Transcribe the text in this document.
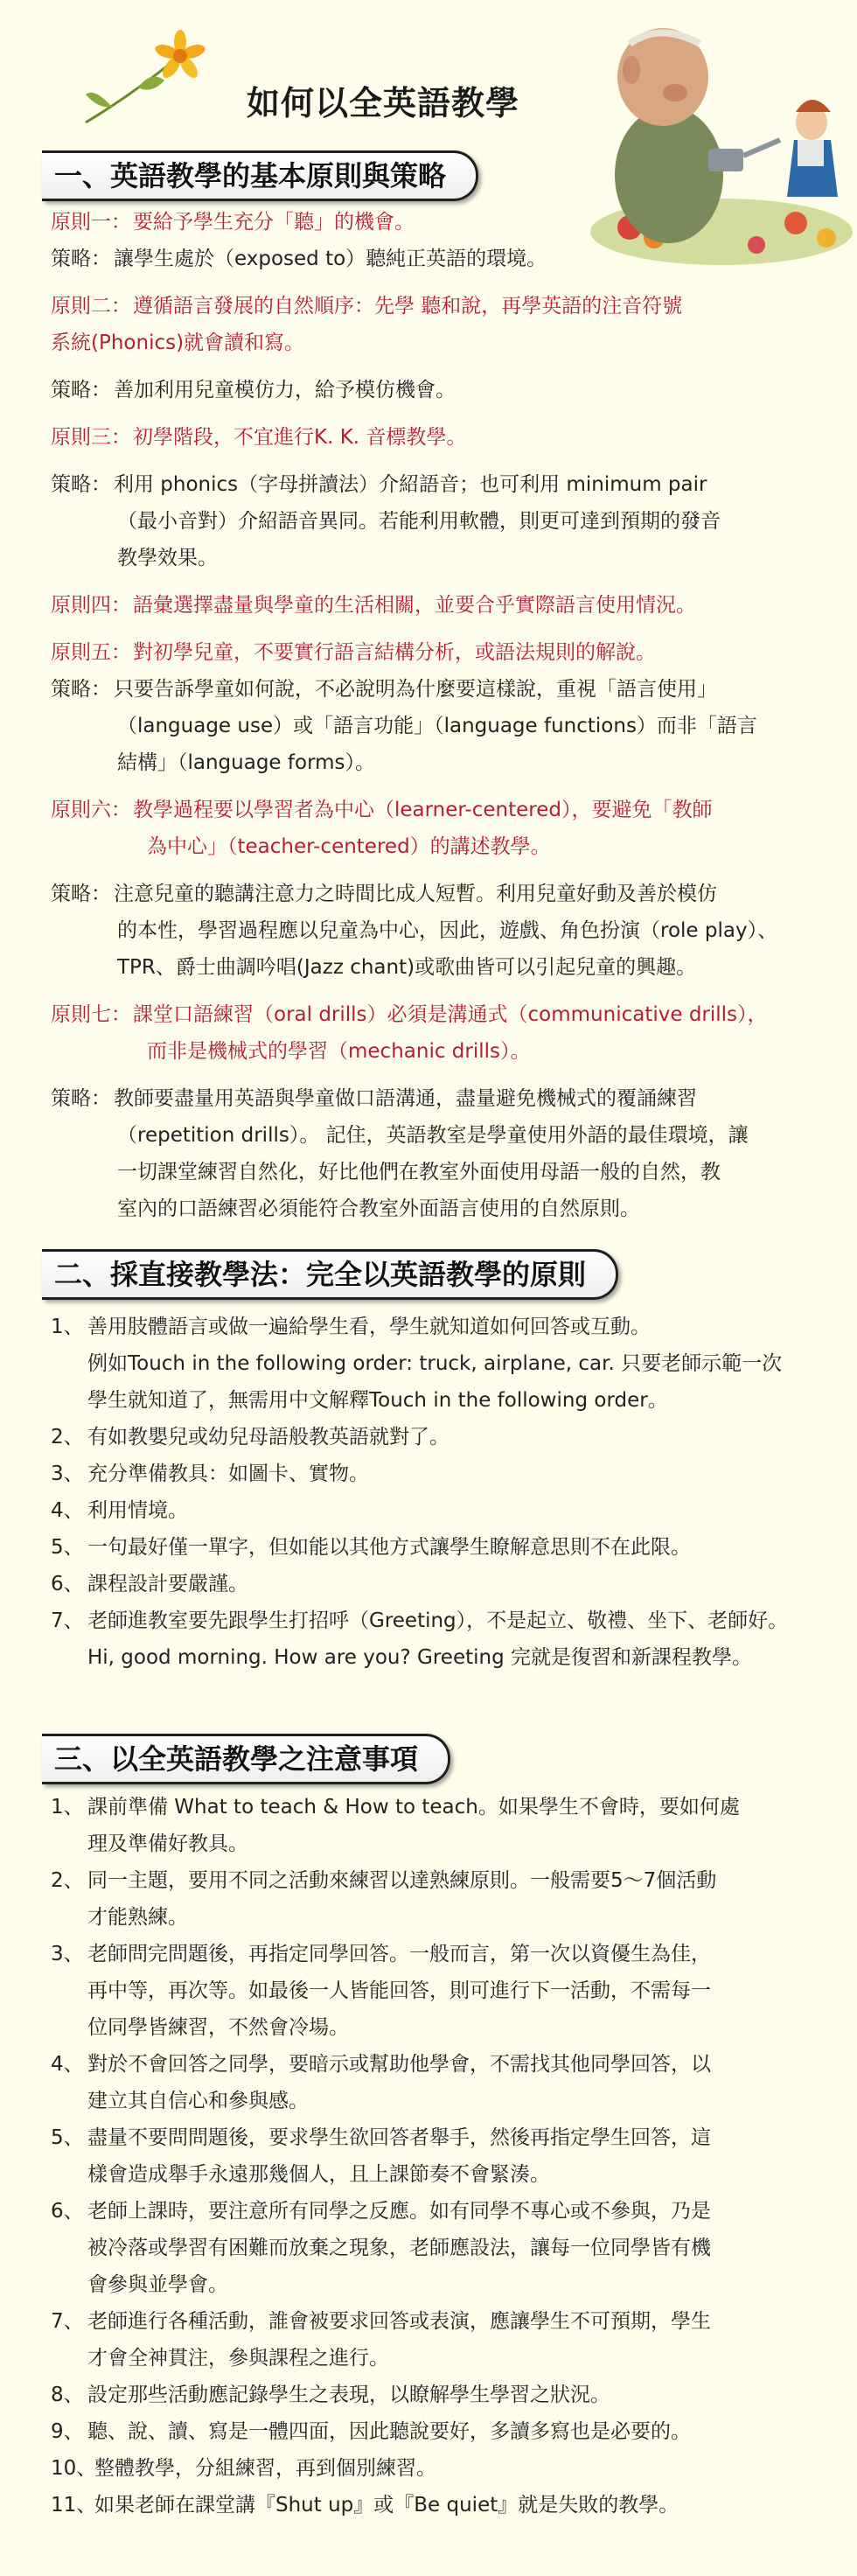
如何以全英語教學
一、英語教學的基本原則與策略
原則一： 要給予學生充分「聽」的機會。

策略： 讓學生處於（exposed to）聽純正英語的環境。

原則二： 遵循語言發展的自然順序：先學 聽和說，再學英語的注音符號

系統(Phonics)就會讀和寫。

策略： 善加利用兒童模仿力，給予模仿機會。

原則三： 初學階段，不宜進行K. K. 音標教學。

策略： 利用 phonics（字母拼讀法）介紹語音；也可利用 minimum pair

（最小音對）介紹語音異同。若能利用軟體，則更可達到預期的發音

教學效果。

原則四： 語彙選擇盡量與學童的生活相關，並要合乎實際語言使用情況。

原則五： 對初學兒童，不要實行語言結構分析，或語法規則的解說。

策略： 只要告訴學童如何說，不必說明為什麼要這樣說，重視「語言使用」

（language use）或「語言功能」（language functions）而非「語言

結構」（language forms）。

原則六： 教學過程要以學習者為中心（learner-centered），要避免「教師

為中心」（teacher-centered）的講述教學。

策略： 注意兒童的聽講注意力之時間比成人短暫。利用兒童好動及善於模仿

的本性，學習過程應以兒童為中心，因此，遊戲、角色扮演（role play）、

TPR、爵士曲調吟唱(Jazz chant)或歌曲皆可以引起兒童的興趣。

原則七： 課堂口語練習（oral drills）必須是溝通式（communicative drills），

而非是機械式的學習（mechanic drills）。

策略： 教師要盡量用英語與學童做口語溝通，盡量避免機械式的覆誦練習

（repetition drills）。 記住，英語教室是學童使用外語的最佳環境，讓

一切課堂練習自然化，好比他們在教室外面使用母語一般的自然，教

室內的口語練習必須能符合教室外面語言使用的自然原則。

二、採直接教學法：完全以英語教學的原則
1、 善用肢體語言或做一遍給學生看，學生就知道如何回答或互動。

例如Touch in the following order: truck, airplane, car. 只要老師示範一次

學生就知道了，無需用中文解釋Touch in the following order。

2、 有如教嬰兒或幼兒母語般教英語就對了。

3、 充分準備教具：如圖卡、實物。

4、 利用情境。

5、 一句最好僅一單字，但如能以其他方式讓學生瞭解意思則不在此限。

6、 課程設計要嚴謹。

7、 老師進教室要先跟學生打招呼（Greeting），不是起立、敬禮、坐下、老師好。

Hi, good morning. How are you? Greeting 完就是復習和新課程教學。

三、以全英語教學之注意事項
1、 課前準備 What to teach & How to teach。如果學生不會時，要如何處

理及準備好教具。

2、 同一主題，要用不同之活動來練習以達熟練原則。一般需要5～7個活動

才能熟練。

3、 老師問完問題後，再指定同學回答。一般而言，第一次以資優生為佳，

再中等，再次等。如最後一人皆能回答，則可進行下一活動，不需每一

位同學皆練習，不然會冷場。

4、 對於不會回答之同學，要暗示或幫助他學會，不需找其他同學回答，以

建立其自信心和參與感。

5、 盡量不要問問題後，要求學生欲回答者舉手，然後再指定學生回答，這

樣會造成舉手永遠那幾個人，且上課節奏不會緊湊。

6、 老師上課時，要注意所有同學之反應。如有同學不專心或不參與，乃是

被冷落或學習有困難而放棄之現象，老師應設法，讓每一位同學皆有機

會參與並學會。

7、 老師進行各種活動，誰會被要求回答或表演，應讓學生不可預期，學生

才會全神貫注，參與課程之進行。

8、 設定那些活動應記錄學生之表現，以瞭解學生學習之狀況。

9、 聽、說、讀、寫是一體四面，因此聽說要好，多讀多寫也是必要的。

10、
整體教學，分組練習，再到個別練習。

11、
如果老師在課堂講『Shut up』或『Be quiet』就是失敗的教學。
